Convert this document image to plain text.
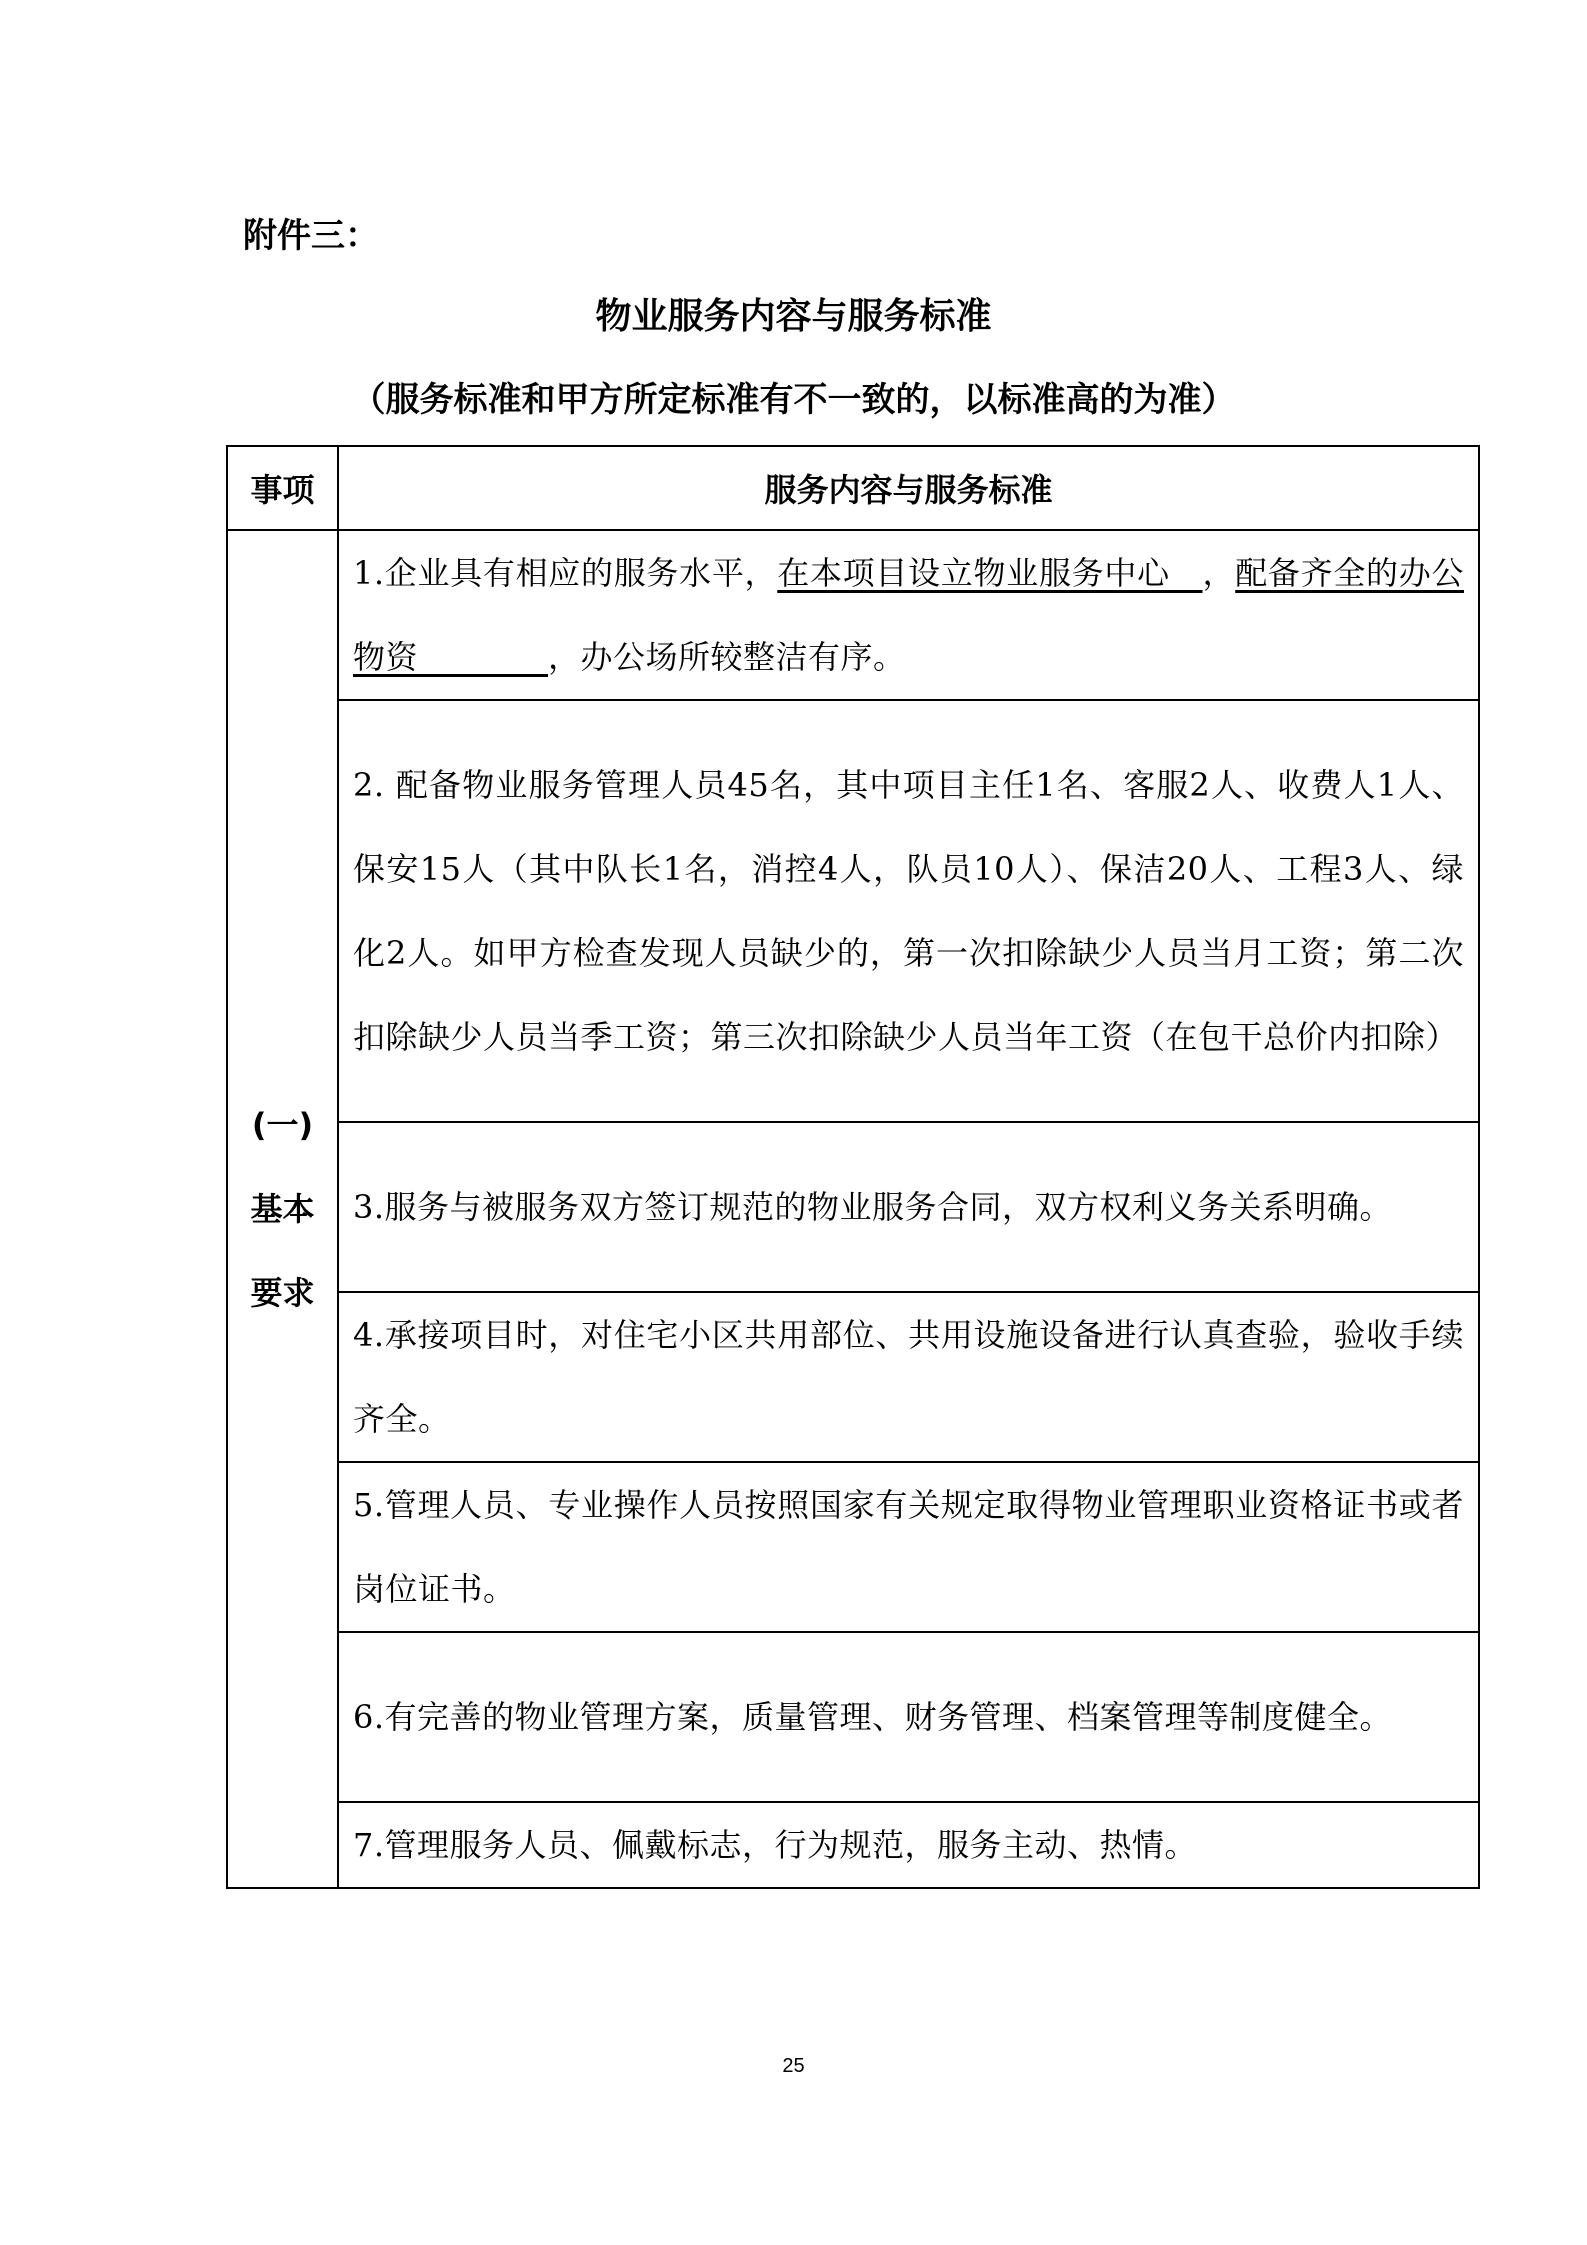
附件三：
物业服务内容与服务标准
（服务标准和甲方所定标准有不一致的，以标准高的为准）
事项	服务内容与服务标准

(一)
基本
要求	1.企业具有相应的服务水平，在本项目设立物业服务中心　，配备齐全的办公物资　　　　，办公场所较整洁有序。
	2. 配备物业服务管理人员45名，其中项目主任1名、客服2人、收费人1人、保安15人（其中队长1名，消控4人，队员10人）、保洁20人、工程3人、绿化2人。如甲方检查发现人员缺少的，第一次扣除缺少人员当月工资；第二次扣除缺少人员当季工资；第三次扣除缺少人员当年工资（在包干总价内扣除）
	3.服务与被服务双方签订规范的物业服务合同，双方权利义务关系明确。
	4.承接项目时，对住宅小区共用部位、共用设施设备进行认真查验，验收手续齐全。
	5.管理人员、专业操作人员按照国家有关规定取得物业管理职业资格证书或者岗位证书。
	6.有完善的物业管理方案，质量管理、财务管理、档案管理等制度健全。
	7.管理服务人员、佩戴标志，行为规范，服务主动、热情。
25
